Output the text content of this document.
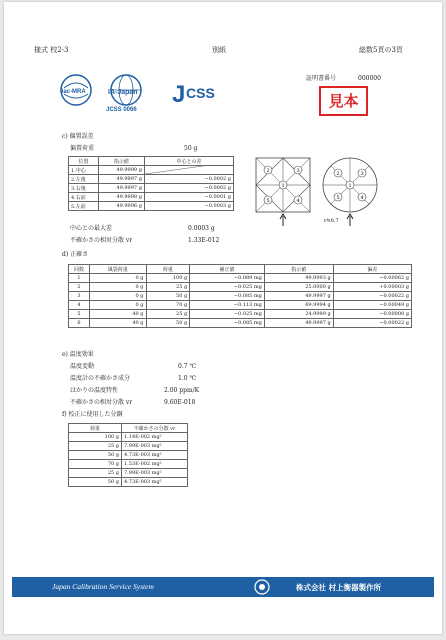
様式 校2-3	別紙	総数5頁の3頁
J CSS
ilac-MRA	IA-Japan
JCSS 0066
証明書番号	000000
見本
c) 偏置誤差
偏置荷重	50 g
位置	指示値	中心との差
1.中心	49.9999 g	

2.左後	49.9997 g	−0.0002 g
3.右後	49.9997 g	−0.0002 g
4.右前	49.9998 g	−0.0001 g
5.左前	49.9996 g	−0.0003 g
中心との最大差	0.0003 g
不確かさの相対分散 vr	1.33E-012
1
2	3
4
5
1
2	3
4
5
r≒0.7
d) 正確さ
回数	風袋荷重	荷重	補正値	指示値	偏差
1	0 g	100 g	−0.089 mg	99.9993 g	−0.00062 g
2	0 g	25 g	−0.025 mg	25.0000 g	+0.00003 g
3	0 g	50 g	−0.085 mg	49.9997 g	−0.00022 g
4	0 g	70 g	−0.113 mg	69.9994 g	−0.00049 g
5	40 g	25 g	−0.025 mg	24.9999 g	−0.00008 g
6	40 g	50 g	−0.085 mg	49.9997 g	−0.00022 g
e) 温度効果
温度変動	0.7 ℃
温度計の不確かさ成分	1.0 ℃
はかりの温度特性	2.00 ppm/K
不確かさの相対分散 vr	9.60E-018
f) 校正に使用した分銅
荷重	不確かさの分散 vr
100 g	1.14E-002 mg²
25 g	7.99E-003 mg²
50 g	4.73E-003 mg²
70 g	1.53E-002 mg²
25 g	7.99E-003 mg²
50 g	4.73E-003 mg²
Japan Calibration Service System	株式会社 村上衡器製作所
